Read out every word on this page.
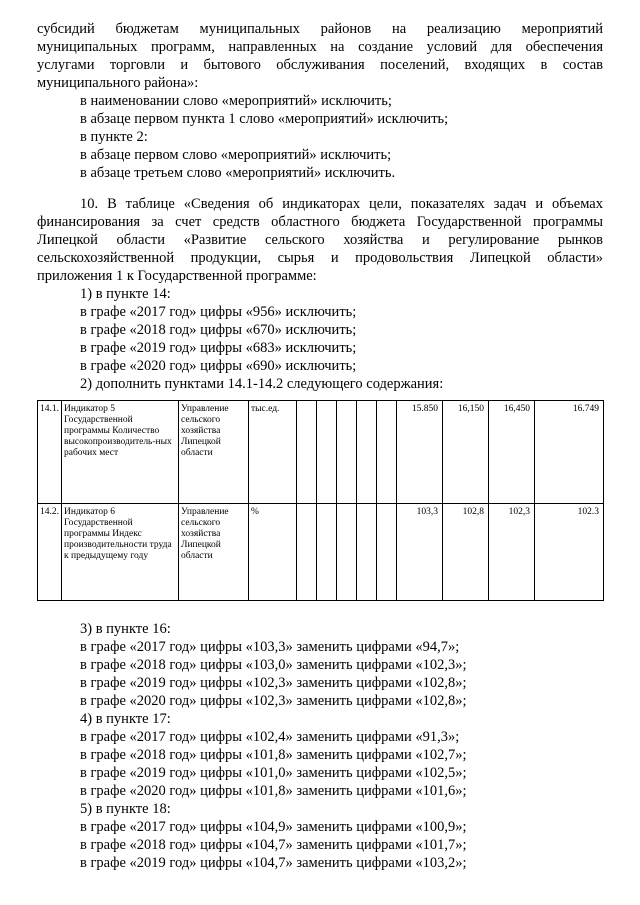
субсидий бюджетам муниципальных районов на реализацию мероприятий
муниципальных программ, направленных на создание условий для обеспечения
услугами торговли и бытового обслуживания поселений, входящих в состав
муниципального района»:
в наименовании слово «мероприятий» исключить;
в абзаце первом пункта 1 слово «мероприятий» исключить;
в пункте 2:
в абзаце первом слово «мероприятий» исключить;
в абзаце третьем слово «мероприятий» исключить.
10. В таблице «Сведения об индикаторах цели, показателях задач и объемах
финансирования за счет средств областного бюджета Государственной программы
Липецкой области «Развитие сельского хозяйства и регулирование рынков
сельскохозяйственной продукции, сырья и продовольствия Липецкой области»
приложения 1 к Государственной программе:
1) в пункте 14:
в графе «2017 год» цифры «956» исключить;
в графе «2018 год» цифры «670» исключить;
в графе «2019 год» цифры «683» исключить;
в графе «2020 год» цифры «690» исключить;
2) дополнить пунктами 14.1-14.2 следующего содержания:
14.1.	Индикатор 5 Государственной программы Количество высокопроизводитель-ных рабочих мест	Управление сельского хозяйства Липецкой области	тыс.ед.						15.850	16,150	16,450	16.749
14.2.	Индикатор 6 Государственной программы Индекс производительности труда к предыдущему году	Управление сельского хозяйства Липецкой области	%						103,3	102,8	102,3	102.3
3) в пункте 16:
в графе «2017 год» цифры «103,3» заменить цифрами «94,7»;
в графе «2018 год» цифры «103,0» заменить цифрами «102,3»;
в графе «2019 год» цифры «102,3» заменить цифрами «102,8»;
в графе «2020 год» цифры «102,3» заменить цифрами «102,8»;
4) в пункте 17:
в графе «2017 год» цифры «102,4» заменить цифрами «91,3»;
в графе «2018 год» цифры «101,8» заменить цифрами «102,7»;
в графе «2019 год» цифры «101,0» заменить цифрами «102,5»;
в графе «2020 год» цифры «101,8» заменить цифрами «101,6»;
5) в пункте 18:
в графе «2017 год» цифры «104,9» заменить цифрами «100,9»;
в графе «2018 год» цифры «104,7» заменить цифрами «101,7»;
в графе «2019 год» цифры «104,7» заменить цифрами «103,2»;
